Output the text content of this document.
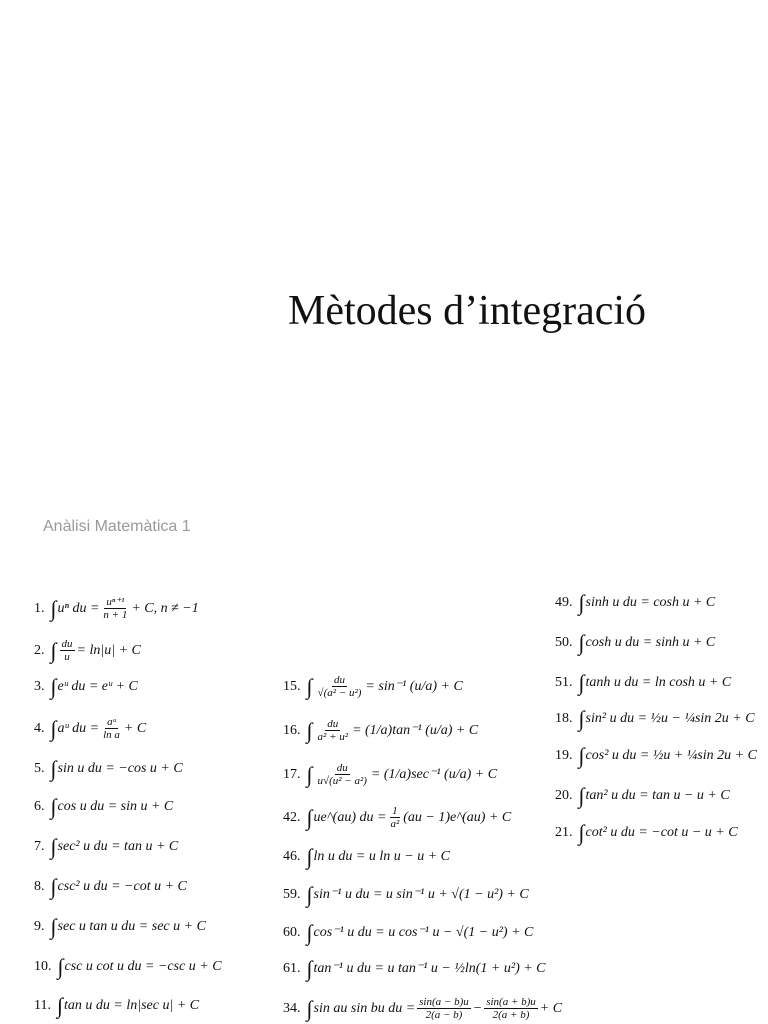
Mètodes d’integració
Anàlisi Matemàtica 1
1. ∫ uⁿ du = $\frac{\text{uⁿ⁺¹}}{n + 1} + C$, n ≠ −1
2. ∫ $\frac{du}{u} = \ln|u| + C$
3. ∫ eᵘ du = eᵘ + C
4. ∫ aᵘ du = $\frac{\text{aᵘ}}{\text{ln a}} + C$
5. ∫ sin u du = −cos u + C
6. ∫ cos u du = sin u + C
7. ∫ sec² u du = tan u + C
8. ∫ csc² u du = −cot u + C
9. ∫ sec u tan u du = sec u + C
10. ∫ csc u cot u du = −csc u + C
11. ∫ tan u du = ln|sec u| + C
15. ∫ $\frac{du}{\text{√(a² − u²)}} = \sin^{-1}$ (u/a) + C
16. ∫ $\frac{du}{\text{a² + u²}} = (1/a)\tan^{-1}$ (u/a) + C
17. ∫ $\frac{du}{\text{u√(u² − a²)}} = (1/a)\sec^{-1}$ (u/a) + C
42. ∫ ue^(au) du = $\frac{1}{\text{a²}} (au$ − 1)e^(au) + C
46. ∫ ln u du = u ln u − u + C
59. ∫ sin⁻¹ u du = u sin⁻¹ u + √(1 − u²) + C
60. ∫ cos⁻¹ u du = u cos⁻¹ u − √(1 − u²) + C
61. ∫ tan⁻¹ u du = u tan⁻¹ u − ½ln(1 + u²) + C
34. ∫ sin au sin bu du = $\frac{\sin(a - b)u}{2(a - b)} - \frac{\sin(a + b)u}{2(a + b)} + C$
49. ∫ sinh u du = cosh u + C
50. ∫ cosh u du = sinh u + C
51. ∫ tanh u du = ln cosh u + C
18. ∫ sin² u du = ½u − ¼sin 2u + C
19. ∫ cos² u du = ½u + ¼sin 2u + C
20. ∫ tan² u du = tan u − u + C
21. ∫ cot² u du = −cot u − u + C
